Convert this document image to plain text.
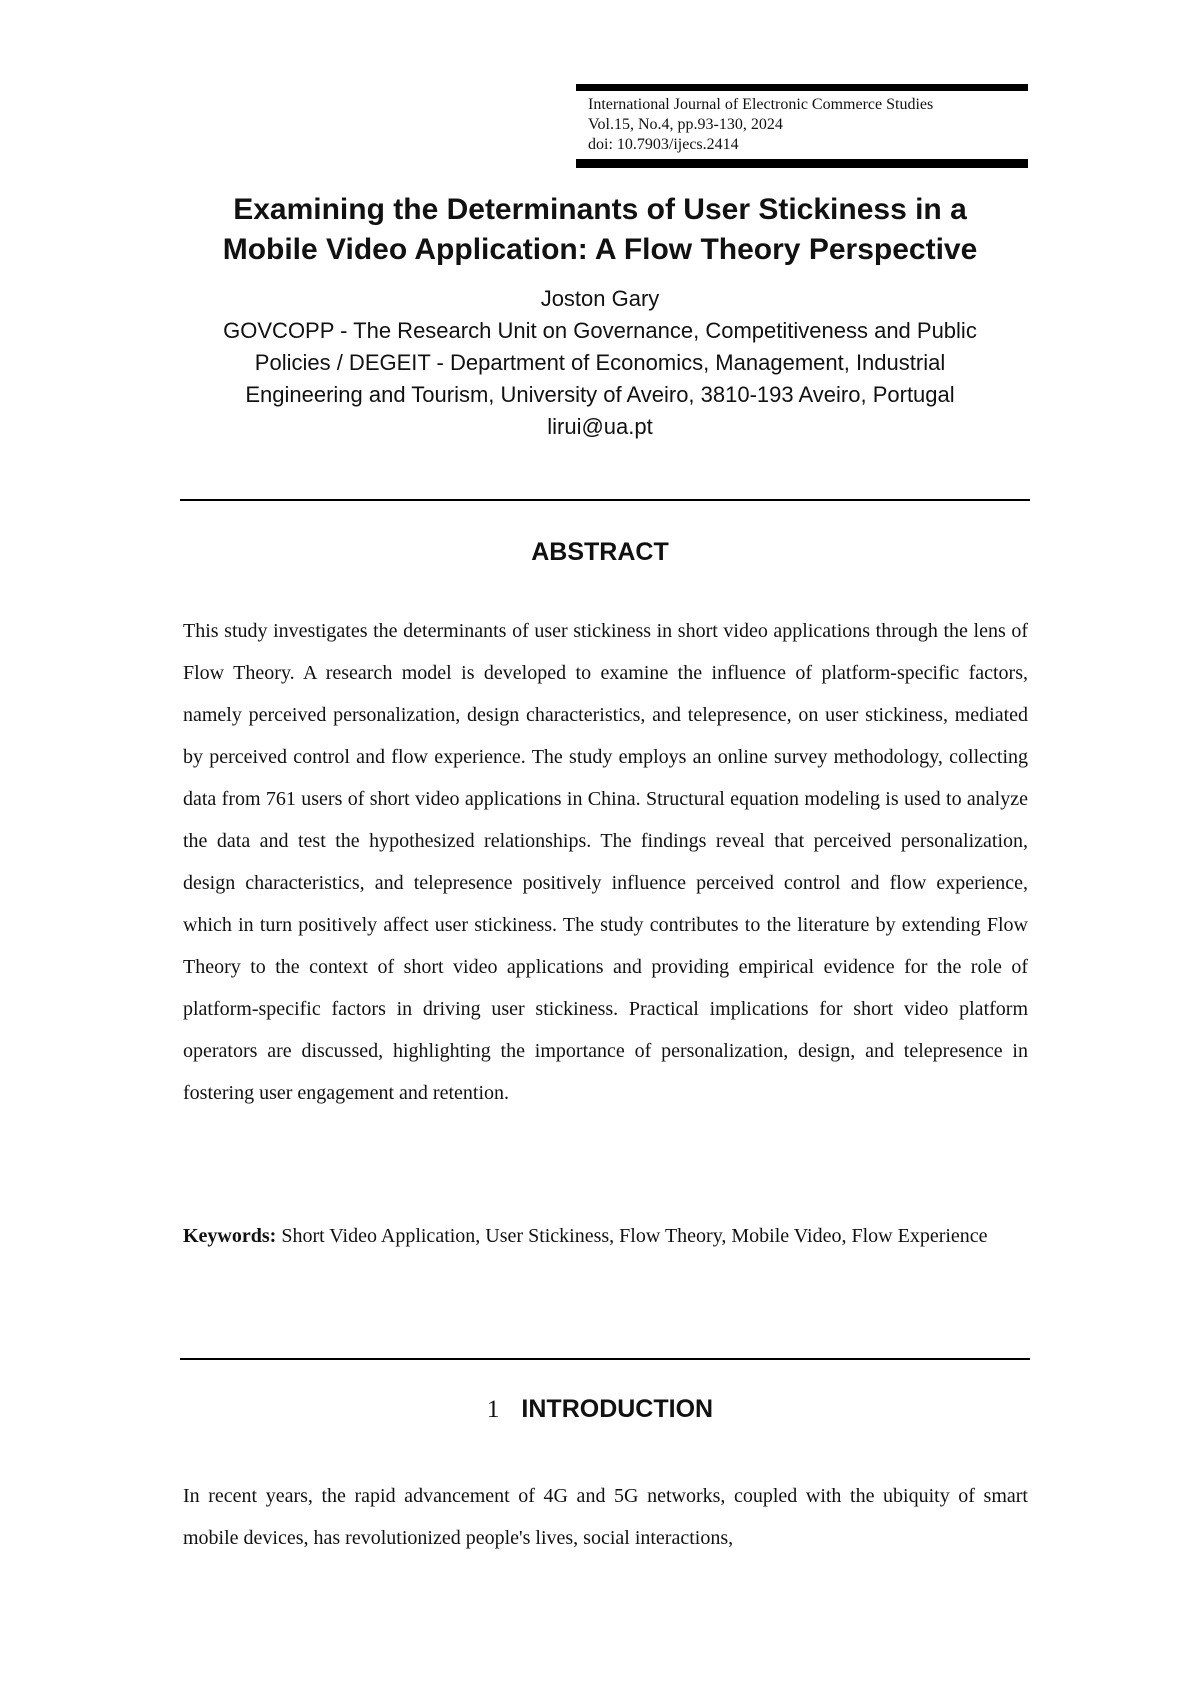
International Journal of Electronic Commerce Studies
Vol.15, No.4, pp.93-130, 2024
doi: 10.7903/ijecs.2414
Examining the Determinants of User Stickiness in a
Mobile Video Application: A Flow Theory Perspective
Joston Gary
GOVCOPP - The Research Unit on Governance, Competitiveness and Public
Policies / DEGEIT - Department of Economics, Management, Industrial
Engineering and Tourism, University of Aveiro, 3810-193 Aveiro, Portugal
lirui@ua.pt
ABSTRACT

This study investigates the determinants of user stickiness in short video applications through the lens of Flow Theory. A research model is developed to examine the influence of platform-specific factors, namely perceived personalization, design characteristics, and telepresence, on user stickiness, mediated by perceived control and flow experience. The study employs an online survey methodology, collecting data from 761 users of short video applications in China. Structural equation modeling is used to analyze the data and test the hypothesized relationships. The findings reveal that perceived personalization, design characteristics, and telepresence positively influence perceived control and flow experience, which in turn positively affect user stickiness. The study contributes to the literature by extending Flow Theory to the context of short video applications and providing empirical evidence for the role of platform-specific factors in driving user stickiness. Practical implications for short video platform operators are discussed, highlighting the importance of personalization, design, and telepresence in fostering user engagement and retention.

Keywords: Short Video Application, User Stickiness, Flow Theory, Mobile Video, Flow Experience

1 INTRODUCTION

In recent years, the rapid advancement of 4G and 5G networks, coupled with the ubiquity of smart mobile devices, has revolutionized people's lives, social interactions,
